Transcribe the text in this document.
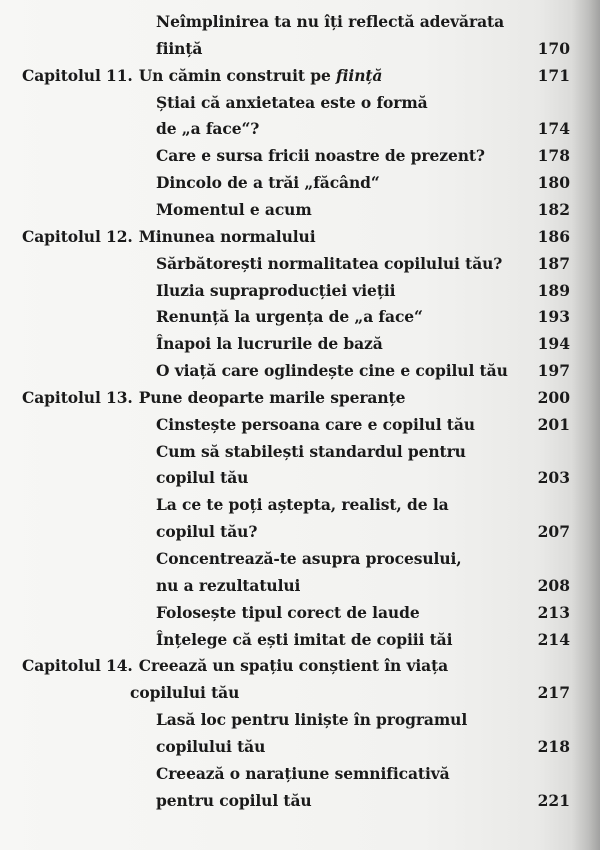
Neîmplinirea ta nu îți reflectă adevărata
ființă	170
Capitolul 11. Un cămin construit pe ființă	171
Știai că anxietatea este o formă
de „a face“?	174
Care e sursa fricii noastre de prezent?	178
Dincolo de a trăi „făcând“	180
Momentul e acum	182
Capitolul 12. Minunea normalului	186
Sărbătorești normalitatea copilului tău? 187
Iluzia supraproducției vieții	189
Renunță la urgența de „a face“	193
Înapoi la lucrurile de bază	194
O viață care oglindește cine e copilul tău 197
Capitolul 13. Pune deoparte marile speranțe	200
Cinstește persoana care e copilul tău	201
Cum să stabilești standardul pentru
copilul tău	203
La ce te poți aștepta, realist, de la
copilul tău?	207
Concentrează-te asupra procesului,
nu a rezultatului	208
Folosește tipul corect de laude	213
Înțelege că ești imitat de copiii tăi	214
Capitolul 14. Creează un spațiu conștient în viața
copilului tău	217
Lasă loc pentru liniște în programul
copilului tău	218
Creează o narațiune semnificativă
pentru copilul tău	221
